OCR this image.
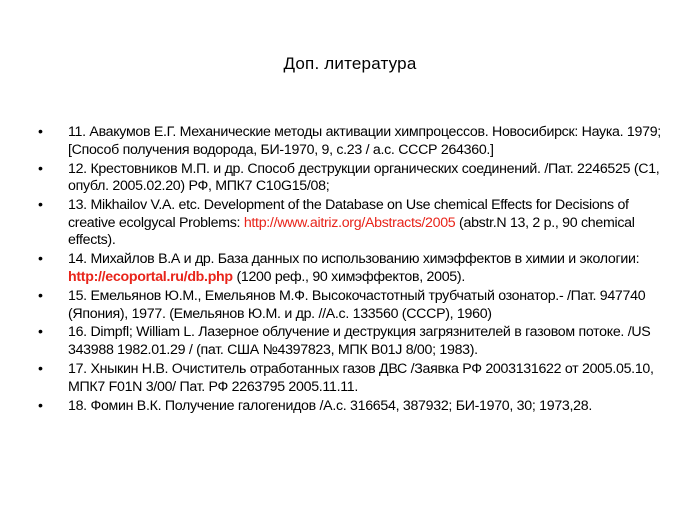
Доп. литература
•	11. Авакумов Е.Г. Механические методы активации химпроцессов. Новосибирск: Наука. 1979; [Способ получения водорода, БИ-1970, 9, с.23 / а.с. СССР 264360.]
•	12. Крестовников М.П. и др. Способ деструкции органических соединений. /Пат. 2246525 (С1, опубл. 2005.02.20) РФ, МПК7 C10G15/08;
•	13. Mikhailov V.A. etc. Development of the Database on Use chemical Effects for Decisions of creative ecolgycal Problems: http://www.aitriz.org/Abstracts/2005 (abstr.N 13, 2 p., 90 chemical effects).
•	14. Михайлов В.А и др. База данных по использованию химэффектов в химии и экологии: http://ecoportal.ru/db.php (1200 реф., 90 химэффектов, 2005).
•	15. Емельянов Ю.М., Емельянов М.Ф. Высокочастотный трубчатый озонатор.- /Пат. 947740 (Япония), 1977. (Емельянов Ю.М. и др. //А.с. 133560 (СССР), 1960)
•	16. Dimpfl; William L. Лазерное облучение и деструкция загрязнителей в газовом потоке. /US 343988 1982.01.29 / (пат. США №4397823, МПК B01J 8/00; 1983).
•	17. Хныкин Н.В. Очиститель отработанных газов ДВС /Заявка РФ 2003131622 от 2005.05.10, МПК7 F01N 3/00/ Пат. РФ 2263795 2005.11.11.
•	18. Фомин В.К. Получение галогенидов /А.с. 316654, 387932; БИ-1970, 30; 1973,28.
